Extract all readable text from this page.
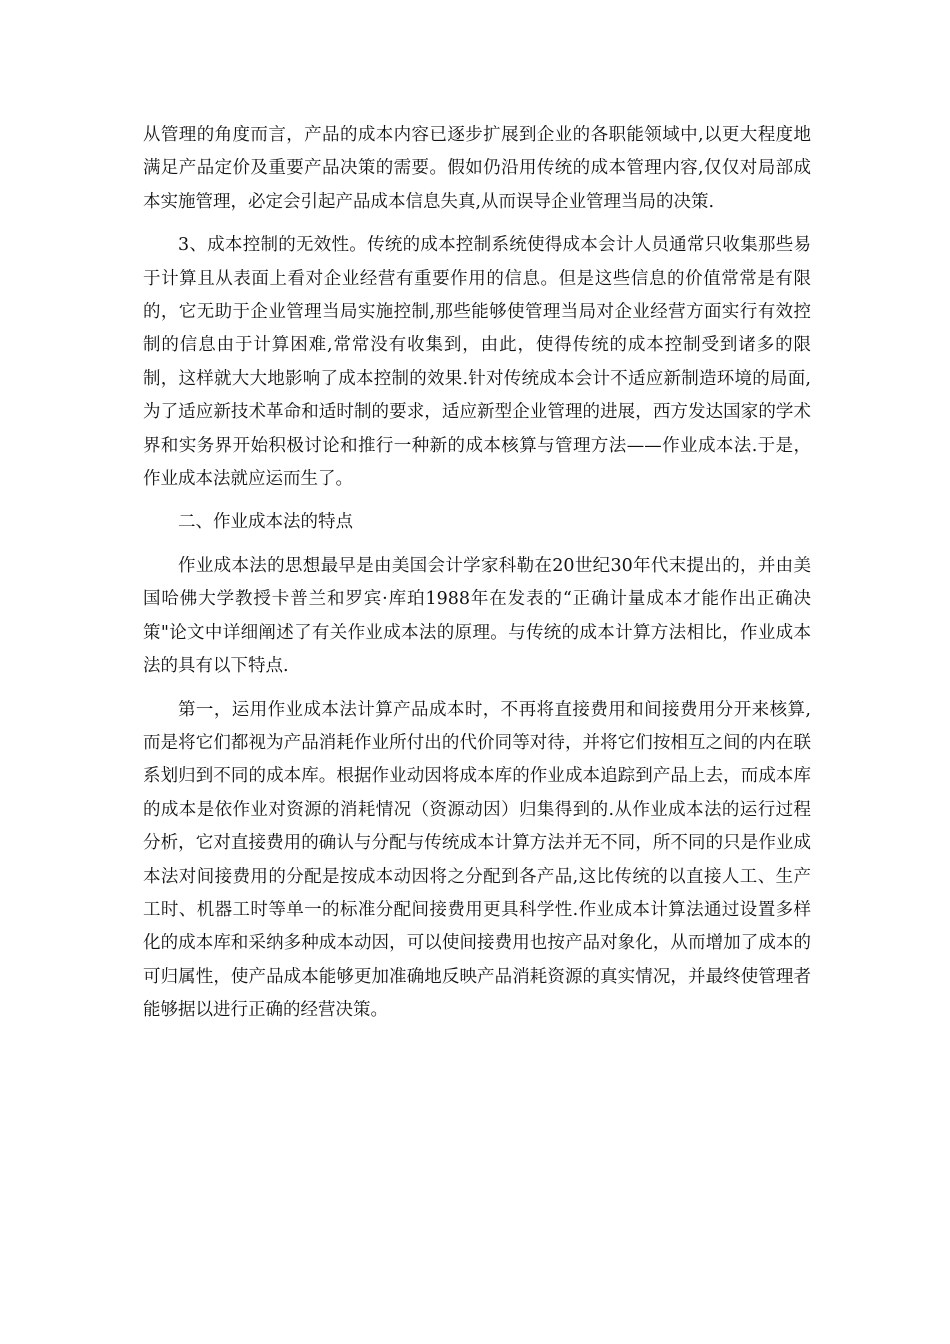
从管理的角度而言，产品的成本内容已逐步扩展到企业的各职能领域中,以更大程度地满足产品定价及重要产品决策的需要。假如仍沿用传统的成本管理内容,仅仅对局部成本实施管理，必定会引起产品成本信息失真,从而误导企业管理当局的决策.

3、成本控制的无效性。传统的成本控制系统使得成本会计人员通常只收集那些易于计算且从表面上看对企业经营有重要作用的信息。但是这些信息的价值常常是有限的，它无助于企业管理当局实施控制,那些能够使管理当局对企业经营方面实行有效控制的信息由于计算困难,常常没有收集到，由此，使得传统的成本控制受到诸多的限制，这样就大大地影响了成本控制的效果.针对传统成本会计不适应新制造环境的局面,为了适应新技术革命和适时制的要求，适应新型企业管理的进展，西方发达国家的学术界和实务界开始积极讨论和推行一种新的成本核算与管理方法——作业成本法.于是，作业成本法就应运而生了。

二、作业成本法的特点

作业成本法的思想最早是由美国会计学家科勒在20世纪30年代末提出的，并由美国哈佛大学教授卡普兰和罗宾·库珀1988年在发表的“正确计量成本才能作出正确决策"论文中详细阐述了有关作业成本法的原理。与传统的成本计算方法相比，作业成本法的具有以下特点.

第一，运用作业成本法计算产品成本时，不再将直接费用和间接费用分开来核算,而是将它们都视为产品消耗作业所付出的代价同等对待，并将它们按相互之间的内在联系划归到不同的成本库。根据作业动因将成本库的作业成本追踪到产品上去，而成本库的成本是依作业对资源的消耗情况（资源动因）归集得到的.从作业成本法的运行过程分析，它对直接费用的确认与分配与传统成本计算方法并无不同，所不同的只是作业成本法对间接费用的分配是按成本动因将之分配到各产品,这比传统的以直接人工、生产工时、机器工时等单一的标准分配间接费用更具科学性.作业成本计算法通过设置多样化的成本库和采纳多种成本动因，可以使间接费用也按产品对象化，从而增加了成本的可归属性，使产品成本能够更加准确地反映产品消耗资源的真实情况，并最终使管理者能够据以进行正确的经营决策。
